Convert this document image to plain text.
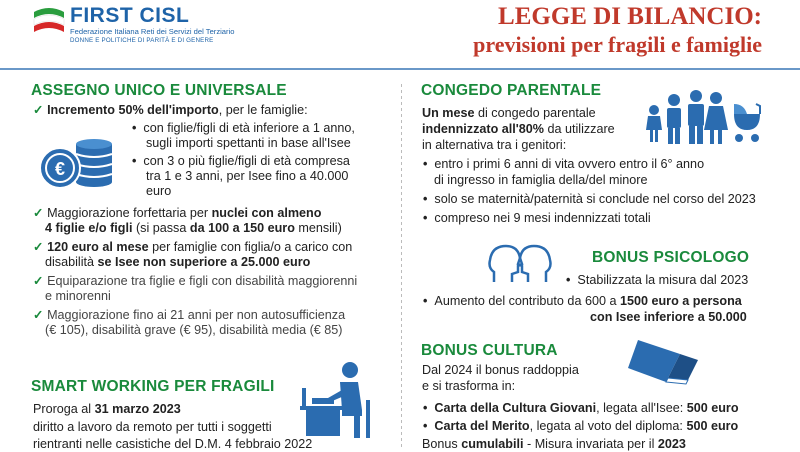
FIRST CISL
Federazione Italiana Reti dei Servizi del Terziario
DONNE E POLITICHE DI PARITÀ E DI GENERE
LEGGE DI BILANCIO:
previsioni per fragili e famiglie
ASSEGNO UNICO E UNIVERSALE
✓ Incremento 50% dell'importo, per le famiglie:
• con figlie/figli di età inferiore a 1 anno,
sugli importi spettanti in base all'Isee
• con 3 o più figlie/figli di età compresa
tra 1 e 3 anni, per Isee fino a 40.000
euro
€
✓ Maggiorazione forfettaria per nuclei con almeno
4 figlie e/o figli (si passa da 100 a 150 euro mensili)
✓ 120 euro al mese per famiglie con figlia/o a carico con
disabilità se Isee non superiore a 25.000 euro
✓ Equiparazione tra figlie e figli con disabilità maggiorenni
e minorenni
✓ Maggiorazione fino ai 21 anni per non autosufficienza
(€ 105), disabilità grave (€ 95), disabilità media (€ 85)
SMART WORKING PER FRAGILI
Proroga al 31 marzo 2023
diritto a lavoro da remoto per tutti i soggetti
rientranti nelle casistiche del D.M. 4 febbraio 2022
CONGEDO PARENTALE
Un mese di congedo parentale
indennizzato all'80% da utilizzare
in alternativa tra i genitori:
• entro i primi 6 anni di vita ovvero entro il 6° anno
di ingresso in famiglia della/del minore
• solo se maternità/paternità si conclude nel corso del 2023
• compreso nei 9 mesi indennizzati totali
BONUS PSICOLOGO
• Stabilizzata la misura dal 2023
• Aumento del contributo da 600 a 1500 euro a persona
con Isee inferiore a 50.000
BONUS CULTURA
Dal 2024 il bonus raddoppia
e si trasforma in:
• Carta della Cultura Giovani, legata all'Isee: 500 euro
• Carta del Merito, legata al voto del diploma: 500 euro
Bonus cumulabili - Misura invariata per il 2023
